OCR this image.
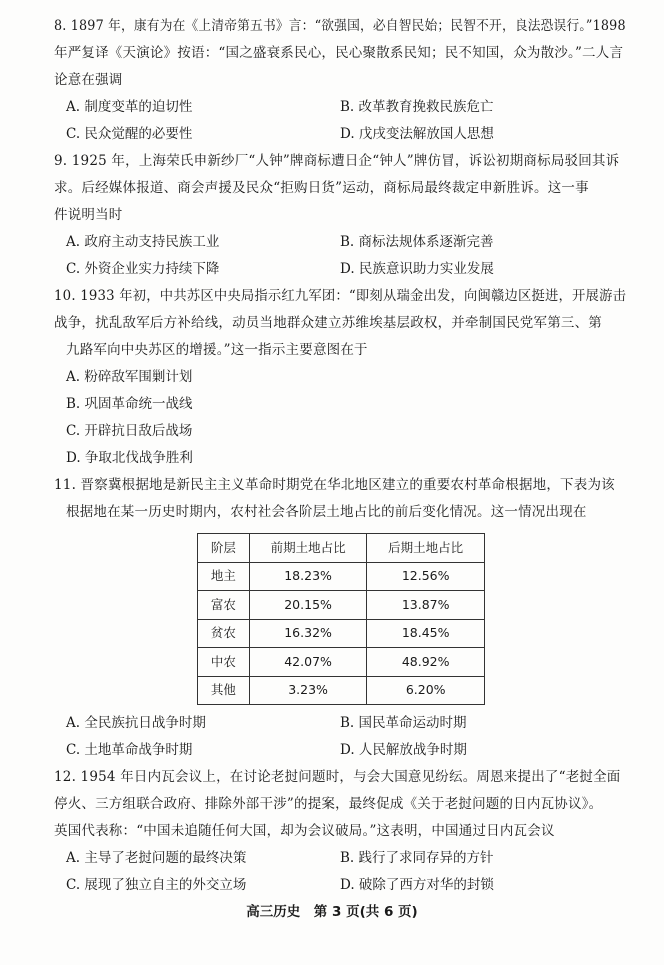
8. 1897 年，康有为在《上清帝第五书》言：“欲强国，必自智民始；民智不开，良法恐误行。”1898
年严复译《天演论》按语：“国之盛衰系民心，民心聚散系民知；民不知国，众为散沙。”二人言
论意在强调
A. 制度变革的迫切性	B. 改革教育挽救民族危亡
C. 民众觉醒的必要性	D. 戊戌变法解放国人思想
9. 1925 年，上海荣氏申新纱厂“人钟”牌商标遭日企“钟人”牌仿冒，诉讼初期商标局驳回其诉
求。后经媒体报道、商会声援及民众“拒购日货”运动，商标局最终裁定申新胜诉。这一事
件说明当时
A. 政府主动支持民族工业	B. 商标法规体系逐渐完善
C. 外资企业实力持续下降	D. 民族意识助力实业发展
10. 1933 年初，中共苏区中央局指示红九军团：“即刻从瑞金出发，向闽赣边区挺进，开展游击
战争，扰乱敌军后方补给线，动员当地群众建立苏维埃基层政权，并牵制国民党军第三、第
九路军向中央苏区的增援。”这一指示主要意图在于
A. 粉碎敌军围剿计划
B. 巩固革命统一战线
C. 开辟抗日敌后战场
D. 争取北伐战争胜利
11. 晋察冀根据地是新民主主义革命时期党在华北地区建立的重要农村革命根据地，下表为该
根据地在某一历史时期内，农村社会各阶层土地占比的前后变化情况。这一情况出现在
阶层	前期土地占比	后期土地占比
地主	18.23%	12.56%
富农	20.15%	13.87%
贫农	16.32%	18.45%
中农	42.07%	48.92%
其他	3.23%	6.20%
A. 全民族抗日战争时期	B. 国民革命运动时期
C. 土地革命战争时期	D. 人民解放战争时期
12. 1954 年日内瓦会议上，在讨论老挝问题时，与会大国意见纷纭。周恩来提出了“老挝全面
停火、三方组联合政府、排除外部干涉”的提案，最终促成《关于老挝问题的日内瓦协议》。
英国代表称：“中国未追随任何大国，却为会议破局。”这表明，中国通过日内瓦会议
A. 主导了老挝问题的最终决策	B. 践行了求同存异的方针
C. 展现了独立自主的外交立场	D. 破除了西方对华的封锁
高三历史　第 3 页(共 6 页)
